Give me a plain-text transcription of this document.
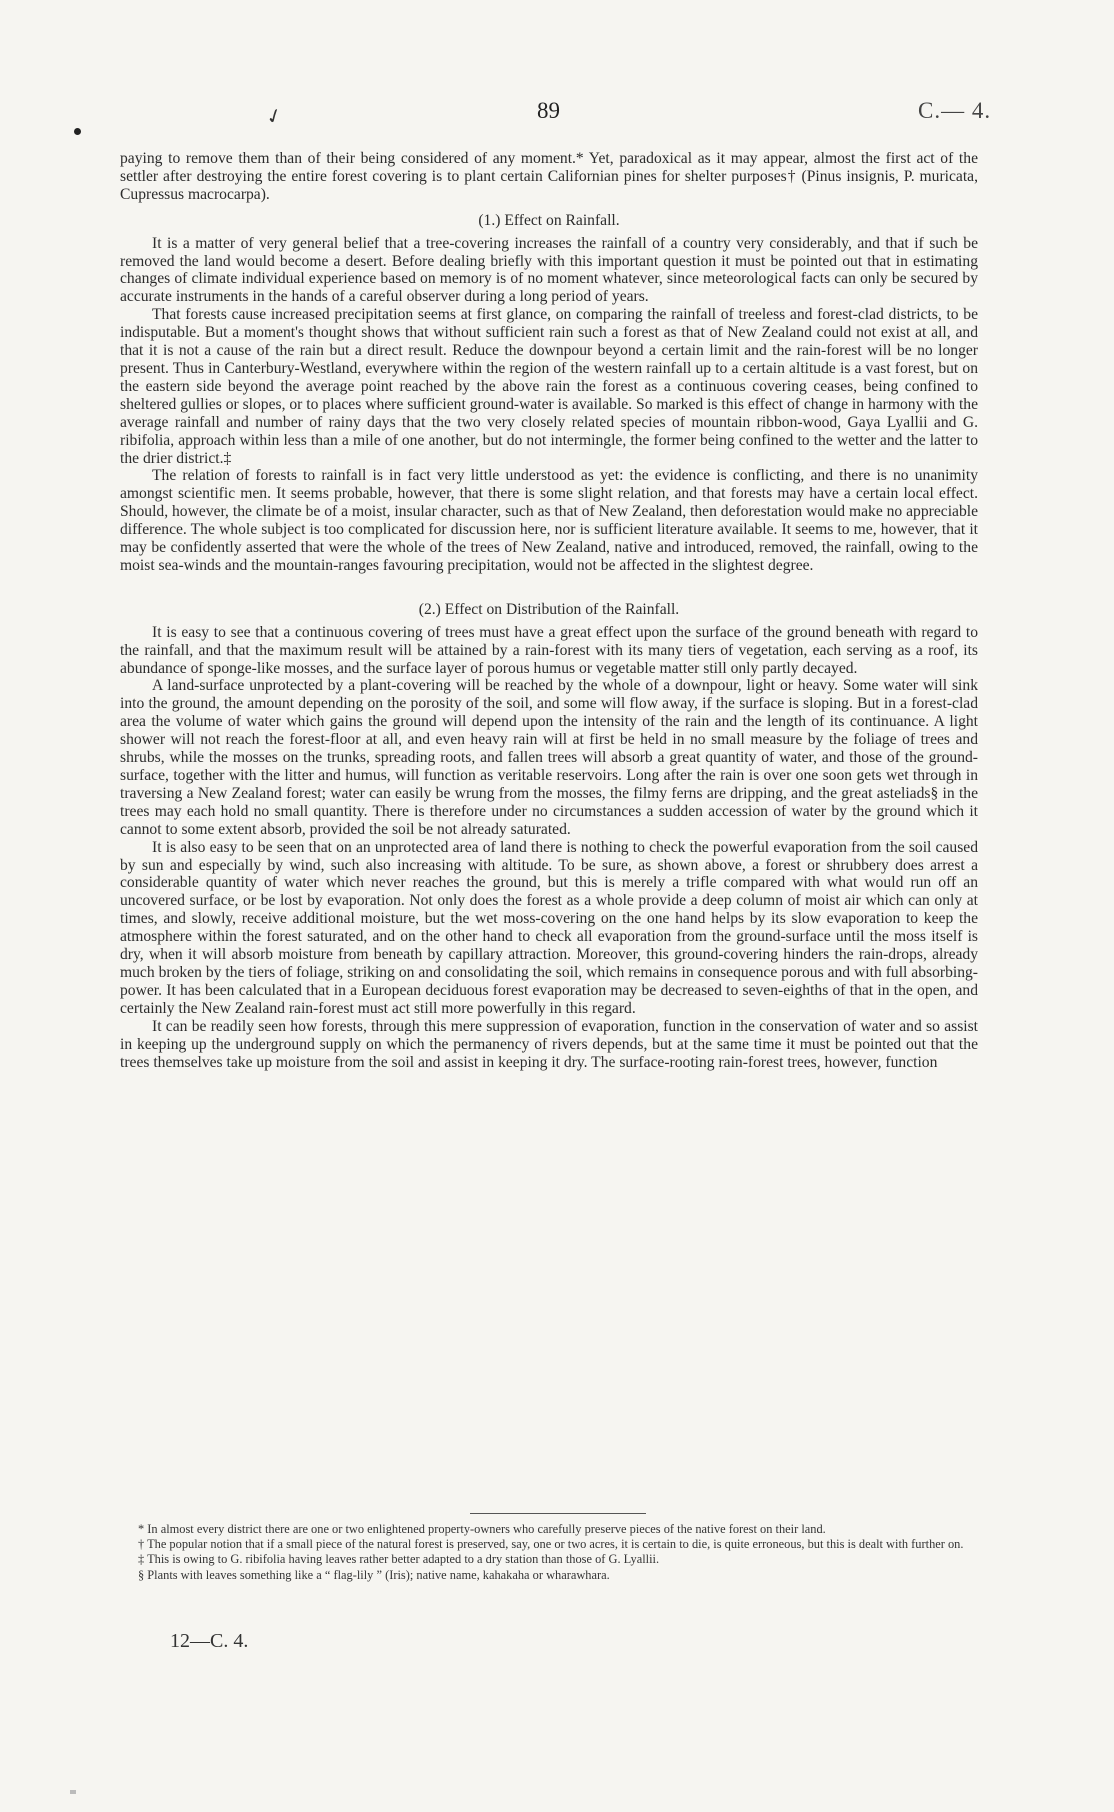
✓	89	C.— 4.

paying to remove them than of their being considered of any moment.* Yet, paradoxical as it may appear, almost the first act of the settler after destroying the entire forest covering is to plant certain Californian pines for shelter purposes† (Pinus insignis, P. muricata, Cupressus macrocarpa).

(1.) Effect on Rainfall.

It is a matter of very general belief that a tree-covering increases the rainfall of a country very considerably, and that if such be removed the land would become a desert. Before dealing briefly with this important question it must be pointed out that in estimating changes of climate individual experience based on memory is of no moment whatever, since meteorological facts can only be secured by accurate instruments in the hands of a careful observer during a long period of years.

That forests cause increased precipitation seems at first glance, on comparing the rainfall of treeless and forest-clad districts, to be indisputable. But a moment's thought shows that without sufficient rain such a forest as that of New Zealand could not exist at all, and that it is not a cause of the rain but a direct result. Reduce the downpour beyond a certain limit and the rain-forest will be no longer present. Thus in Canterbury-Westland, everywhere within the region of the western rainfall up to a certain altitude is a vast forest, but on the eastern side beyond the average point reached by the above rain the forest as a continuous covering ceases, being confined to sheltered gullies or slopes, or to places where sufficient ground-water is available. So marked is this effect of change in harmony with the average rainfall and number of rainy days that the two very closely related species of mountain ribbon-wood, Gaya Lyallii and G. ribifolia, approach within less than a mile of one another, but do not intermingle, the former being confined to the wetter and the latter to the drier district.‡

The relation of forests to rainfall is in fact very little understood as yet: the evidence is conflicting, and there is no unanimity amongst scientific men. It seems probable, however, that there is some slight relation, and that forests may have a certain local effect. Should, however, the climate be of a moist, insular character, such as that of New Zealand, then deforestation would make no appreciable difference. The whole subject is too complicated for discussion here, nor is sufficient literature available. It seems to me, however, that it may be confidently asserted that were the whole of the trees of New Zealand, native and introduced, removed, the rainfall, owing to the moist sea-winds and the mountain-ranges favouring precipitation, would not be affected in the slightest degree.

(2.) Effect on Distribution of the Rainfall.

It is easy to see that a continuous covering of trees must have a great effect upon the surface of the ground beneath with regard to the rainfall, and that the maximum result will be attained by a rain-forest with its many tiers of vegetation, each serving as a roof, its abundance of sponge-like mosses, and the surface layer of porous humus or vegetable matter still only partly decayed.

A land-surface unprotected by a plant-covering will be reached by the whole of a downpour, light or heavy. Some water will sink into the ground, the amount depending on the porosity of the soil, and some will flow away, if the surface is sloping. But in a forest-clad area the volume of water which gains the ground will depend upon the intensity of the rain and the length of its continuance. A light shower will not reach the forest-floor at all, and even heavy rain will at first be held in no small measure by the foliage of trees and shrubs, while the mosses on the trunks, spreading roots, and fallen trees will absorb a great quantity of water, and those of the ground-surface, together with the litter and humus, will function as veritable reservoirs. Long after the rain is over one soon gets wet through in traversing a New Zealand forest; water can easily be wrung from the mosses, the filmy ferns are dripping, and the great asteliads§ in the trees may each hold no small quantity. There is therefore under no circumstances a sudden accession of water by the ground which it cannot to some extent absorb, provided the soil be not already saturated.

It is also easy to be seen that on an unprotected area of land there is nothing to check the powerful evaporation from the soil caused by sun and especially by wind, such also increasing with altitude. To be sure, as shown above, a forest or shrubbery does arrest a considerable quantity of water which never reaches the ground, but this is merely a trifle compared with what would run off an uncovered surface, or be lost by evaporation. Not only does the forest as a whole provide a deep column of moist air which can only at times, and slowly, receive additional moisture, but the wet moss-covering on the one hand helps by its slow evaporation to keep the atmosphere within the forest saturated, and on the other hand to check all evaporation from the ground-surface until the moss itself is dry, when it will absorb moisture from beneath by capillary attraction. Moreover, this ground-covering hinders the rain-drops, already much broken by the tiers of foliage, striking on and consolidating the soil, which remains in consequence porous and with full absorbing-power. It has been calculated that in a European deciduous forest evaporation may be decreased to seven-eighths of that in the open, and certainly the New Zealand rain-forest must act still more powerfully in this regard.

It can be readily seen how forests, through this mere suppression of evaporation, function in the conservation of water and so assist in keeping up the underground supply on which the permanency of rivers depends, but at the same time it must be pointed out that the trees themselves take up moisture from the soil and assist in keeping it dry. The surface-rooting rain-forest trees, however, function

* In almost every district there are one or two enlightened property-owners who carefully preserve pieces of the native forest on their land.

† The popular notion that if a small piece of the natural forest is preserved, say, one or two acres, it is certain to die, is quite erroneous, but this is dealt with further on.

‡ This is owing to G. ribifolia having leaves rather better adapted to a dry station than those of G. Lyallii.

§ Plants with leaves something like a “ flag-lily ” (Iris); native name, kahakaha or wharawhara.

12—C. 4.
